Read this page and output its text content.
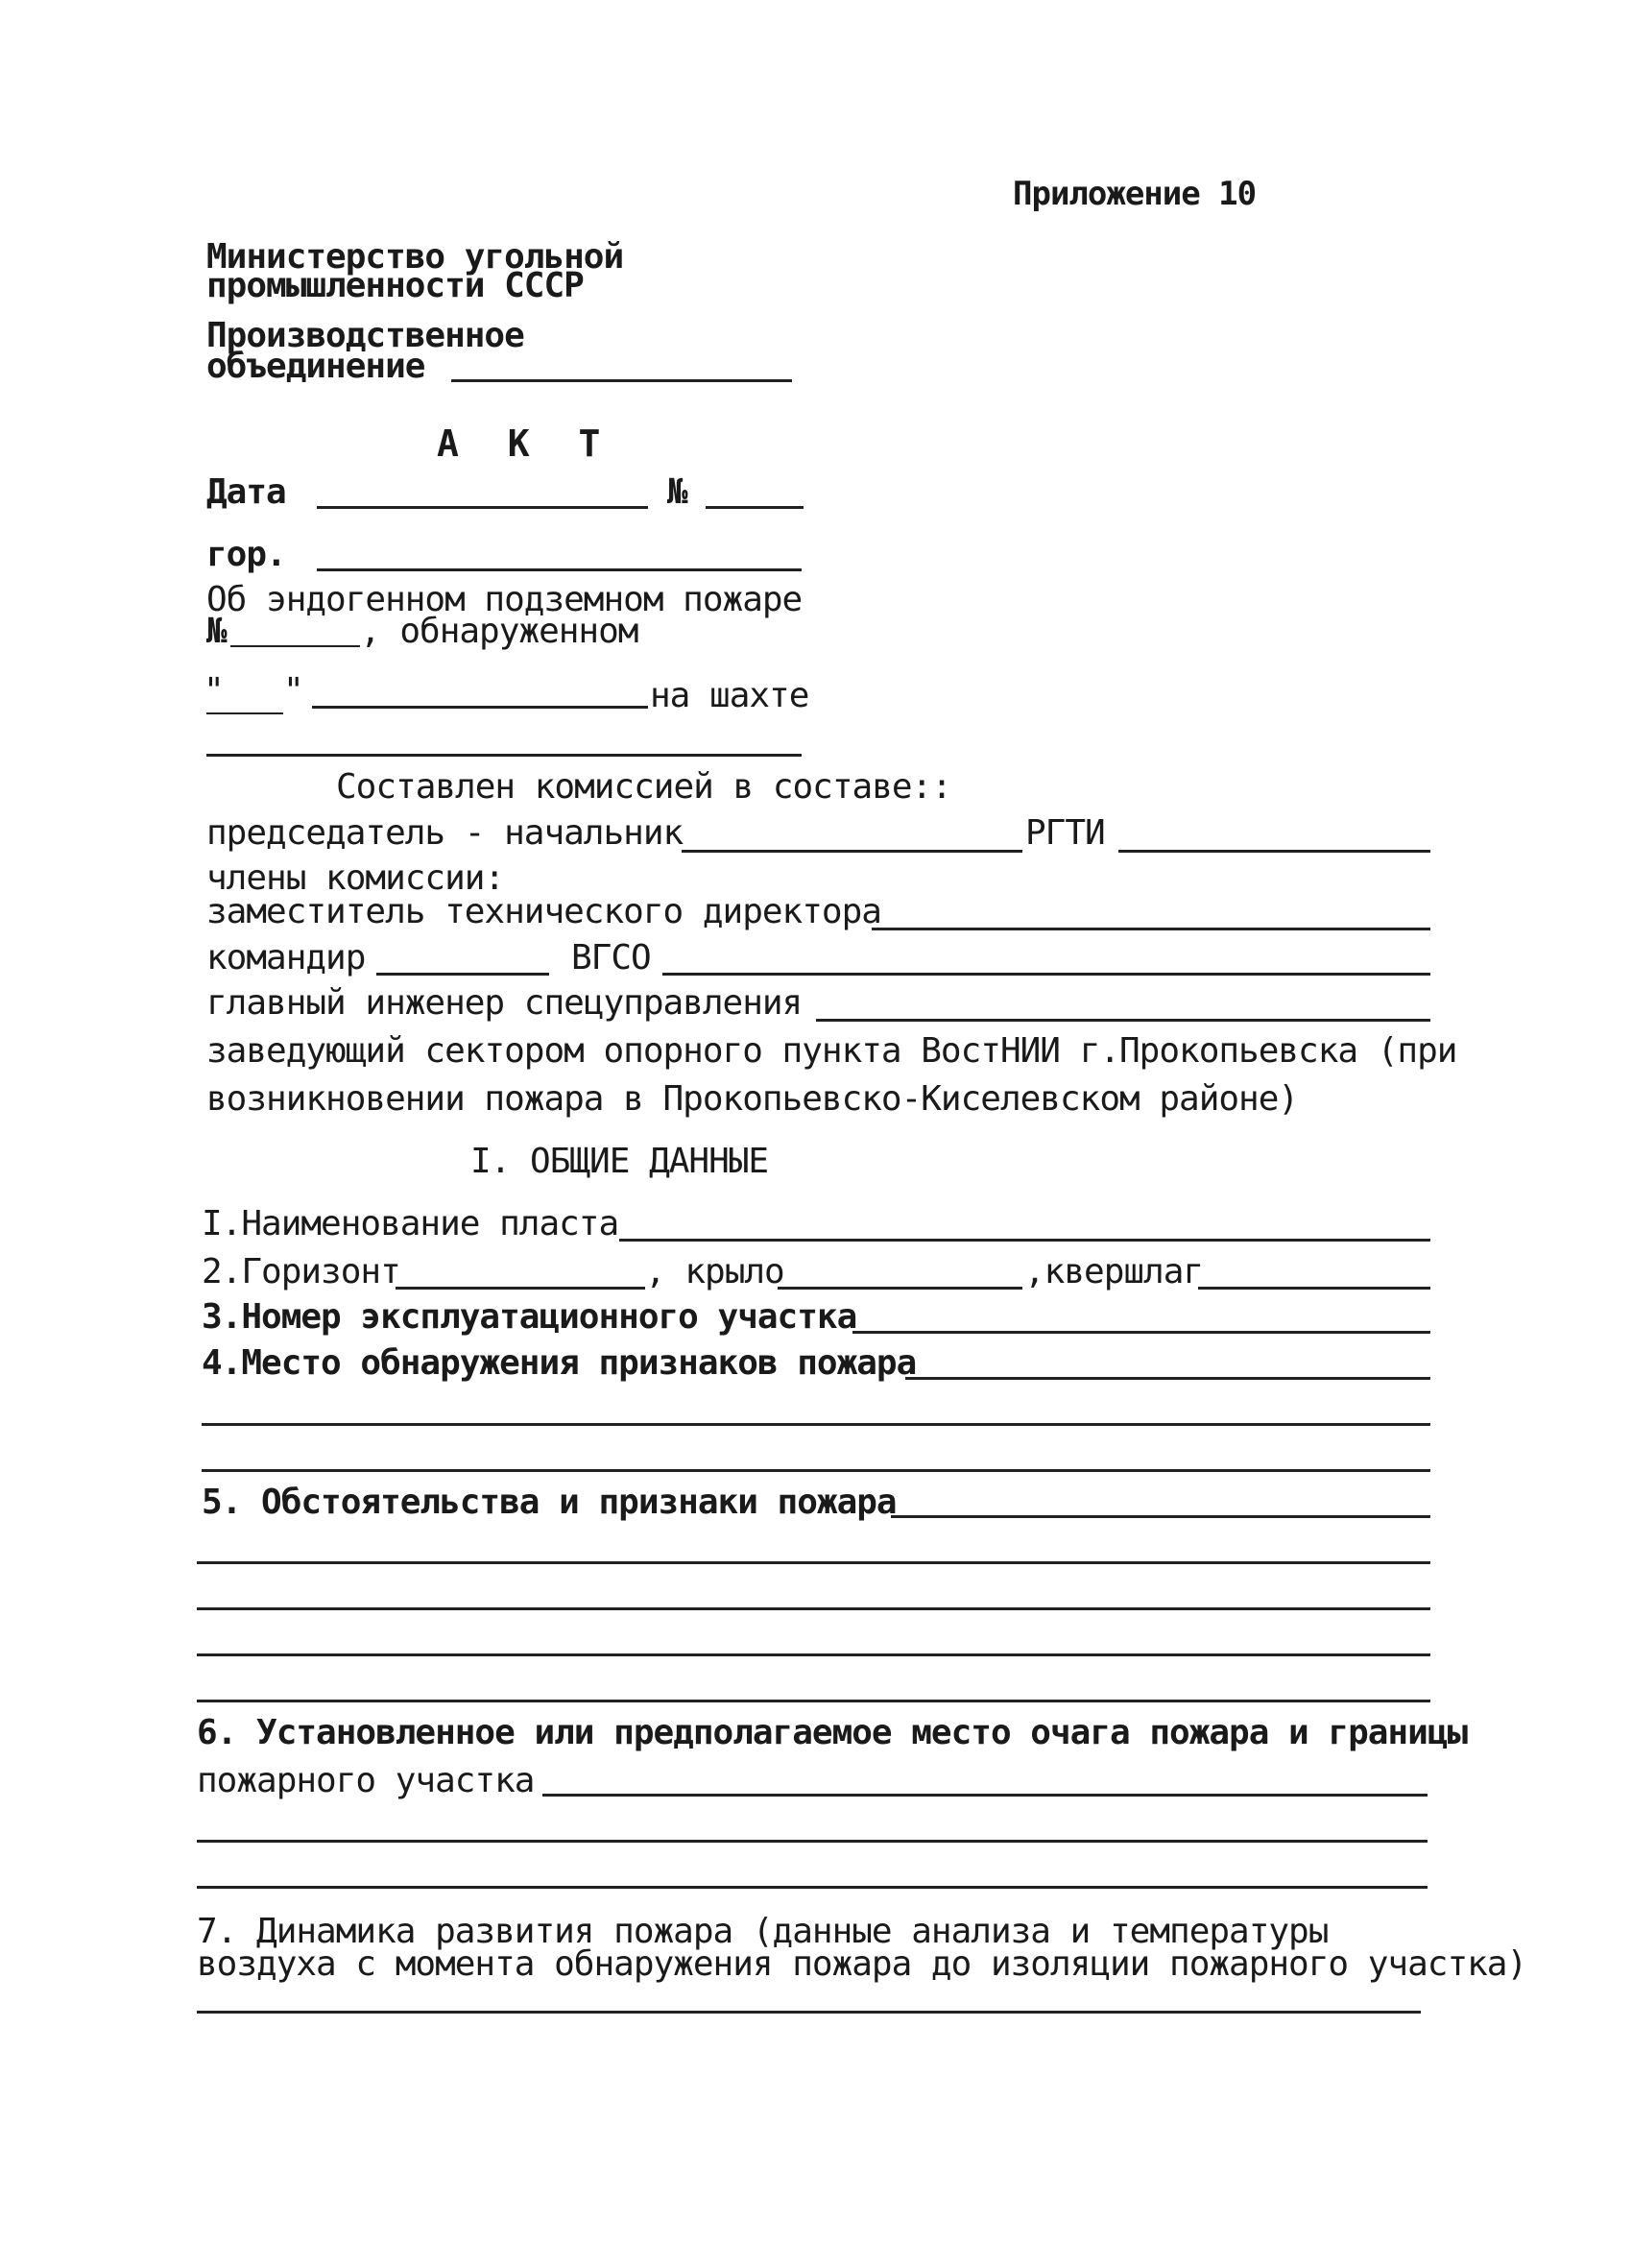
Приложение 10
Министерство угольной
промышленности СССР
Производственное
объединение
А К Т
Дата	№
гор.
Об эндогенном подземном пожаре
№	, обнаруженном
" "	на шахте
Составлен комиссией в составе::
председатель - начальник	РГТИ
члены комиссии:
заместитель технического директора
командир	ВГСО
главный инженер спецуправления
заведующий сектором опорного пункта ВостНИИ г.Прокопьевска (при
возникновении пожара в Прокопьевско-Киселевском районе)
I. ОБЩИЕ ДАННЫЕ
I.Наименование пласта
2.Горизонт	, крыло	,квершлаг
3.Номер эксплуатационного участка
4.Место обнаружения признаков пожара
5. Обстоятельства и признаки пожара
6. Установленное или предполагаемое место очага пожара и границы
пожарного участка
7. Динамика развития пожара (данные анализа и температуры
воздуха с момента обнаружения пожара до изоляции пожарного участка)
